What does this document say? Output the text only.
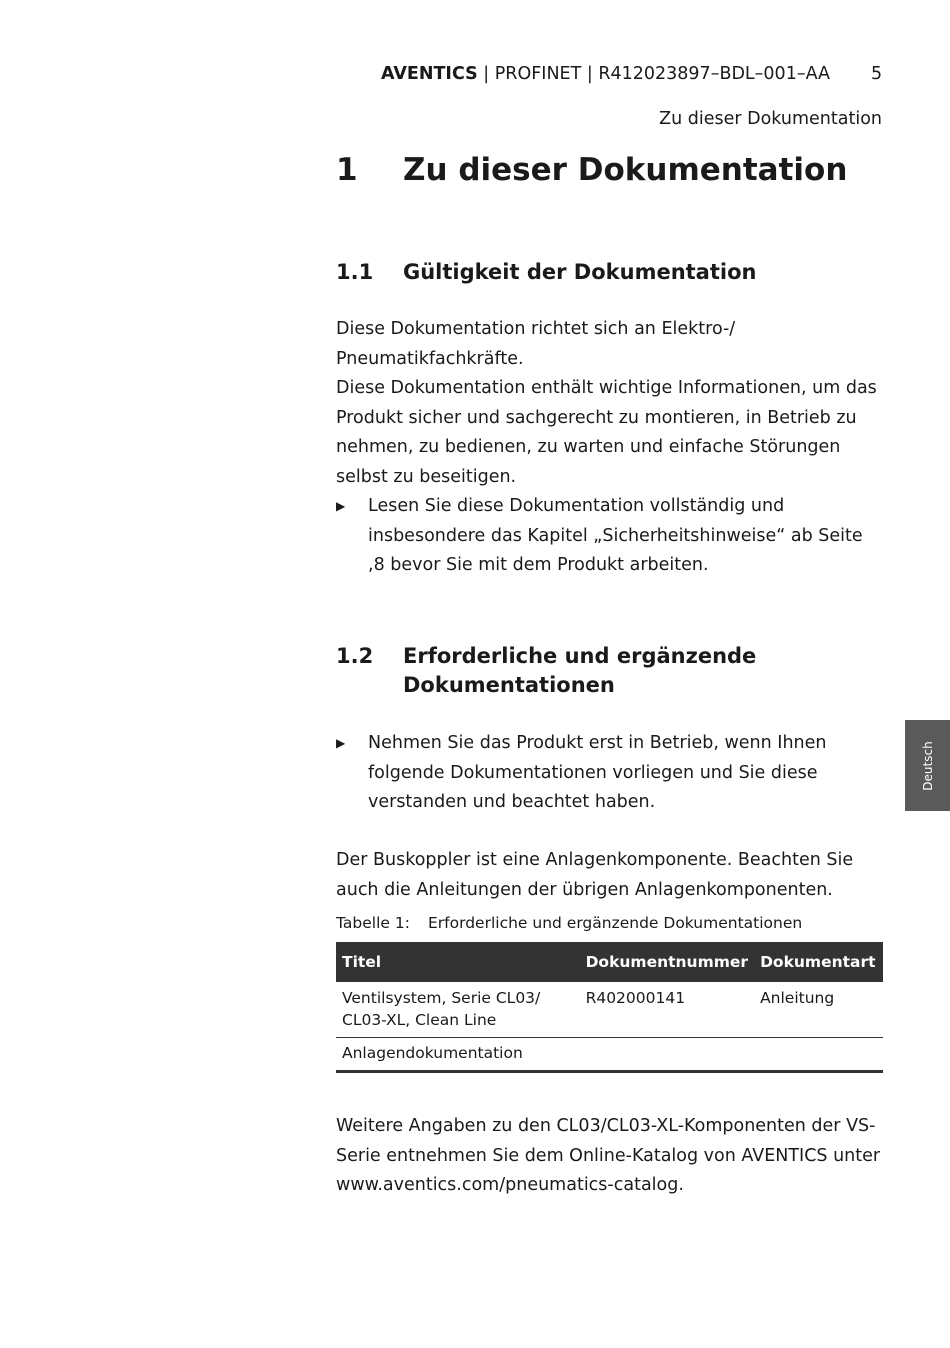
AVENTICS | PROFINET | R412023897–BDL–001–AA 5
Zu dieser Dokumentation
1 Zu dieser Dokumentation
1.1 Gültigkeit der Dokumentation

Diese Dokumentation richtet sich an Elektro-/ Pneumatikfachkräfte.

Diese Dokumentation enthält wichtige Informationen, um das Produkt sicher und sachgerecht zu montieren, in Betrieb zu nehmen, zu bedienen, zu warten und einfache Störungen selbst zu beseitigen.

▶ Lesen Sie diese Dokumentation vollständig und insbesondere das Kapitel „Sicherheitshinweise“ ab Seite ,8 bevor Sie mit dem Produkt arbeiten.
1.2 Erforderliche und ergänzende Dokumentationen
▶ Nehmen Sie das Produkt erst in Betrieb, wenn Ihnen folgende Dokumentationen vorliegen und Sie diese verstanden und beachtet haben.

Der Buskoppler ist eine Anlagenkomponente. Beachten Sie auch die Anleitungen der übrigen Anlagenkomponenten.

Tabelle 1: Erforderliche und ergänzende Dokumentationen
Titel	Dokumentnummer	Dokumentart
Ventilsystem, Serie CL03/ CL03-XL, Clean Line	R402000141	Anleitung
Anlagendokumentation		

Weitere Angaben zu den CL03/CL03-XL-Komponenten der VS-Serie entnehmen Sie dem Online-Katalog von AVENTICS unter www.aventics.com/pneumatics-catalog.

Deutsch
